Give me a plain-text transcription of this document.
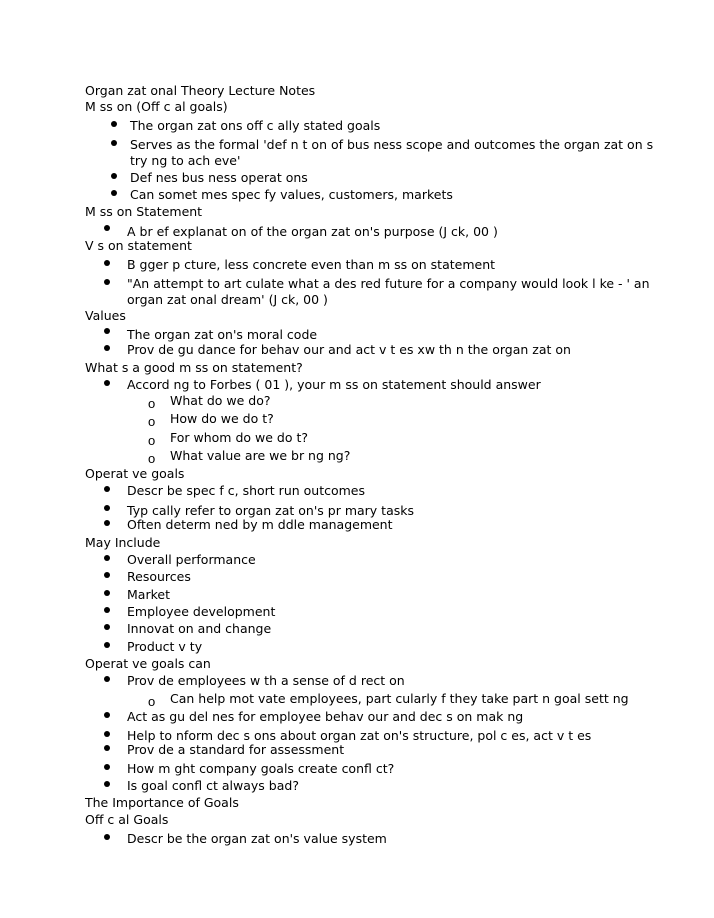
Organ zat onal Theory Lecture Notes
M ss on (Off c al goals)
The organ zat ons off c ally stated goals
Serves as the formal 'def n t on of bus ness scope and outcomes the organ zat on s
try ng to ach eve'
Def nes bus ness operat ons
Can somet mes spec fy values, customers, markets
M ss on Statement
A br ef explanat on of the organ zat on's purpose (J ck, 00 )
V s on statement
B gger p cture, less concrete even than m ss on statement
"An attempt to art culate what a des red future for a company would look l ke - ' an
organ zat onal dream' (J ck, 00 )
Values
The organ zat on's moral code
Prov de gu dance for behav our and act v t es xw th n the organ zat on
What s a good m ss on statement?
Accord ng to Forbes ( 01 ), your m ss on statement should answer
o What do we do?
o How do we do t?
o For whom do we do t?
o What value are we br ng ng?
Operat ve goals
Descr be spec f c, short run outcomes
Typ cally refer to organ zat on's pr mary tasks
Often determ ned by m ddle management
May Include
Overall performance
Resources
Market
Employee development
Innovat on and change
Product v ty
Operat ve goals can
Prov de employees w th a sense of d rect on
o Can help mot vate employees, part cularly f they take part n goal sett ng
Act as gu del nes for employee behav our and dec s on mak ng
Help to nform dec s ons about organ zat on's structure, pol c es, act v t es
Prov de a standard for assessment
How m ght company goals create confl ct?
Is goal confl ct always bad?
The Importance of Goals
Off c al Goals
Descr be the organ zat on's value system
